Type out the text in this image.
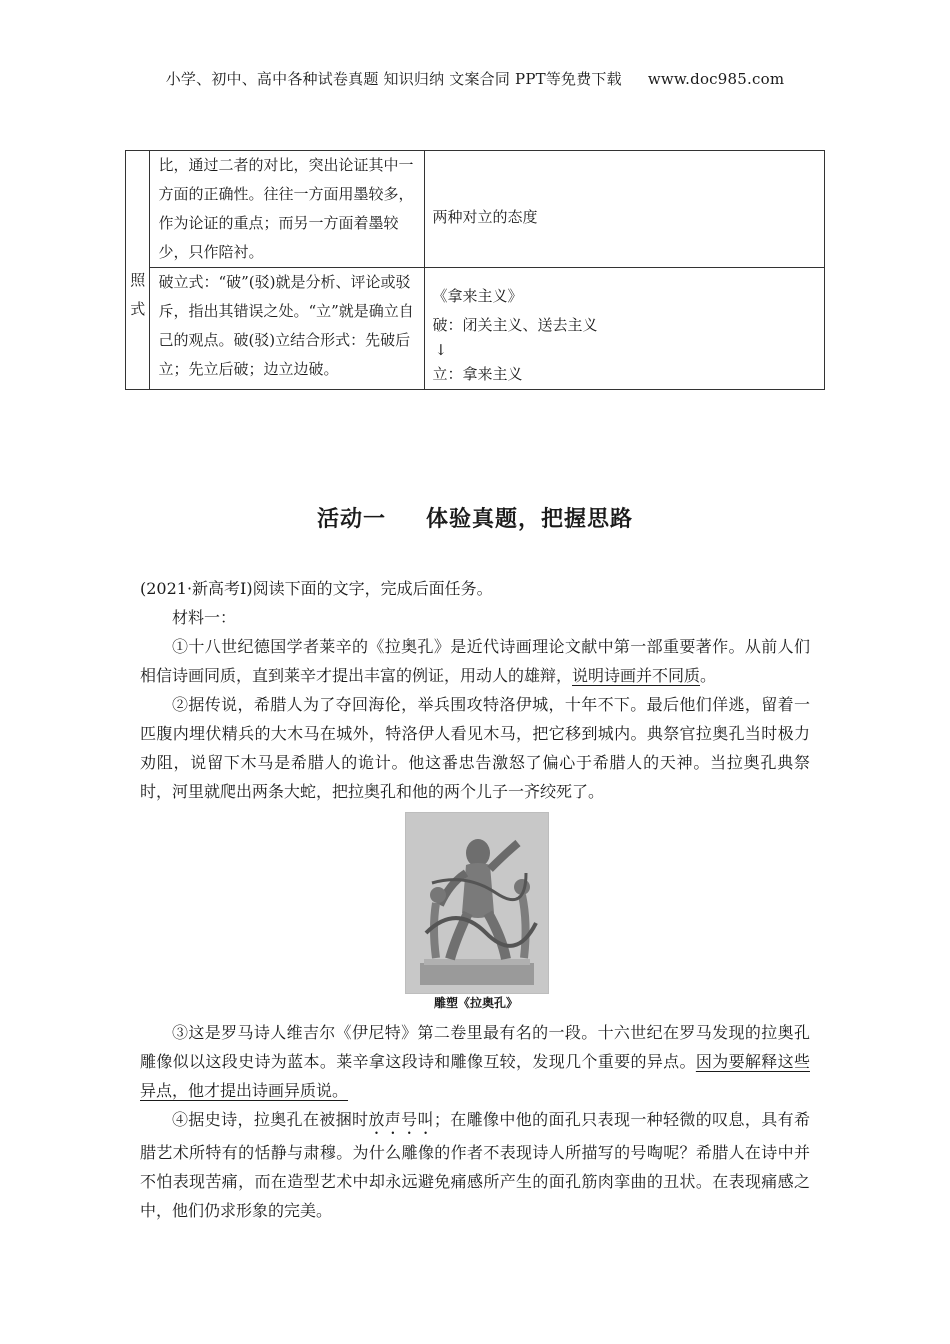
小学、初中、高中各种试卷真题 知识归纳 文案合同 PPT等免费下载 www.doc985.com
照
式	比，通过二者的对比，突出论证其中一方面的正确性。往往一方面用墨较多，作为论证的重点；而另一方面着墨较少，只作陪衬。	两种对立的态度

	破立式：“破”(驳)就是分析、评论或驳斥，指出其错误之处。“立”就是确立自己的观点。破(驳)立结合形式：先破后立；先立后破；边立边破。	《拿来主义》
破：闭关主义、送去主义
↓
立：拿来主义
活动一 体验真题，把握思路
(2021·新高考Ⅰ)阅读下面的文字，完成后面任务。
材料一：

①十八世纪德国学者莱辛的《拉奥孔》是近代诗画理论文献中第一部重要著作。从前人们相信诗画同质，直到莱辛才提出丰富的例证，用动人的雄辩，说明诗画并不同质。

②据传说，希腊人为了夺回海伦，举兵围攻特洛伊城，十年不下。最后他们佯逃，留着一匹腹内埋伏精兵的大木马在城外，特洛伊人看见木马，把它移到城内。典祭官拉奥孔当时极力劝阻，说留下木马是希腊人的诡计。他这番忠告激怒了偏心于希腊人的天神。当拉奥孔典祭时，河里就爬出两条大蛇，把拉奥孔和他的两个儿子一齐绞死了。

雕塑《拉奥孔》

③这是罗马诗人维吉尔《伊尼特》第二卷里最有名的一段。十六世纪在罗马发现的拉奥孔雕像似以这段史诗为蓝本。莱辛拿这段诗和雕像互较，发现几个重要的异点。因为要解释这些异点，他才提出诗画异质说。

④据史诗，拉奥孔在被捆时放声号叫；在雕像中他的面孔只表现一种轻微的叹息，具有希腊艺术所特有的恬静与肃穆。为什么雕像的作者不表现诗人所描写的号啕呢？希腊人在诗中并不怕表现苦痛，而在造型艺术中却永远避免痛感所产生的面孔筋肉挛曲的丑状。在表现痛感之中，他们仍求形象的完美。
